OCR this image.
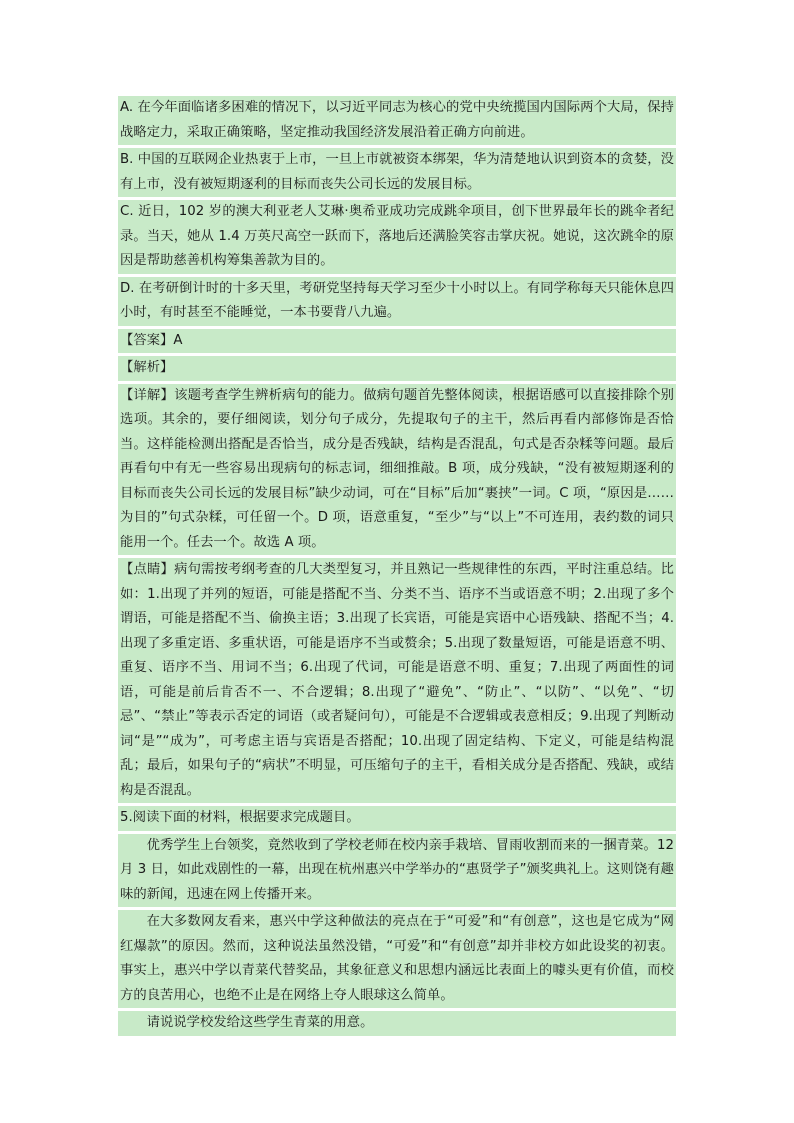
A. 在今年面临诸多困难的情况下，以习近平同志为核心的党中央统揽国内国际两个大局，保持战略定力，采取正确策略，坚定推动我国经济发展沿着正确方向前进。

B. 中国的互联网企业热衷于上市，一旦上市就被资本绑架，华为清楚地认识到资本的贪婪，没有上市，没有被短期逐利的目标而丧失公司长远的发展目标。

C. 近日，102 岁的澳大利亚老人艾琳·奥希亚成功完成跳伞项目，创下世界最年长的跳伞者纪录。当天，她从 1.4 万英尺高空一跃而下，落地后还满脸笑容击掌庆祝。她说，这次跳伞的原因是帮助慈善机构筹集善款为目的。

D. 在考研倒计时的十多天里，考研党坚持每天学习至少十小时以上。有同学称每天只能休息四小时，有时甚至不能睡觉，一本书要背八九遍。

【答案】A

【解析】

【详解】该题考查学生辨析病句的能力。做病句题首先整体阅读，根据语感可以直接排除个别选项。其余的，要仔细阅读，划分句子成分，先提取句子的主干，然后再看内部修饰是否恰当。这样能检测出搭配是否恰当，成分是否残缺，结构是否混乱，句式是否杂糅等问题。最后再看句中有无一些容易出现病句的标志词，细细推敲。B 项，成分残缺，“没有被短期逐利的目标而丧失公司长远的发展目标”缺少动词，可在“目标”后加“裹挟”一词。C 项，“原因是……为目的”句式杂糅，可任留一个。D 项，语意重复，“至少”与“以上”不可连用，表约数的词只能用一个。任去一个。故选 A 项。

【点睛】病句需按考纲考查的几大类型复习，并且熟记一些规律性的东西，平时注重总结。比如：1.出现了并列的短语，可能是搭配不当、分类不当、语序不当或语意不明；2.出现了多个谓语，可能是搭配不当、偷换主语；3.出现了长宾语，可能是宾语中心语残缺、搭配不当；4.出现了多重定语、多重状语，可能是语序不当或赘余；5.出现了数量短语，可能是语意不明、重复、语序不当、用词不当；6.出现了代词，可能是语意不明、重复；7.出现了两面性的词语，可能是前后肯否不一、不合逻辑；8.出现了“避免”、“防止”、“以防”、“以免”、“切忌”、“禁止”等表示否定的词语（或者疑问句），可能是不合逻辑或表意相反；9.出现了判断动词“是”“成为”，可考虑主语与宾语是否搭配；10.出现了固定结构、下定义，可能是结构混乱；最后，如果句子的“病状”不明显，可压缩句子的主干，看相关成分是否搭配、残缺，或结构是否混乱。

5.阅读下面的材料，根据要求完成题目。

优秀学生上台领奖，竟然收到了学校老师在校内亲手栽培、冒雨收割而来的一捆青菜。12 月 3 日，如此戏剧性的一幕，出现在杭州惠兴中学举办的“惠贤学子”颁奖典礼上。这则饶有趣味的新闻，迅速在网上传播开来。

在大多数网友看来，惠兴中学这种做法的亮点在于“可爱”和“有创意”，这也是它成为“网红爆款”的原因。然而，这种说法虽然没错，“可爱”和“有创意”却并非校方如此设奖的初衷。事实上，惠兴中学以青菜代替奖品，其象征意义和思想内涵远比表面上的噱头更有价值，而校方的良苦用心，也绝不止是在网络上夺人眼球这么简单。

请说说学校发给这些学生青菜的用意。
